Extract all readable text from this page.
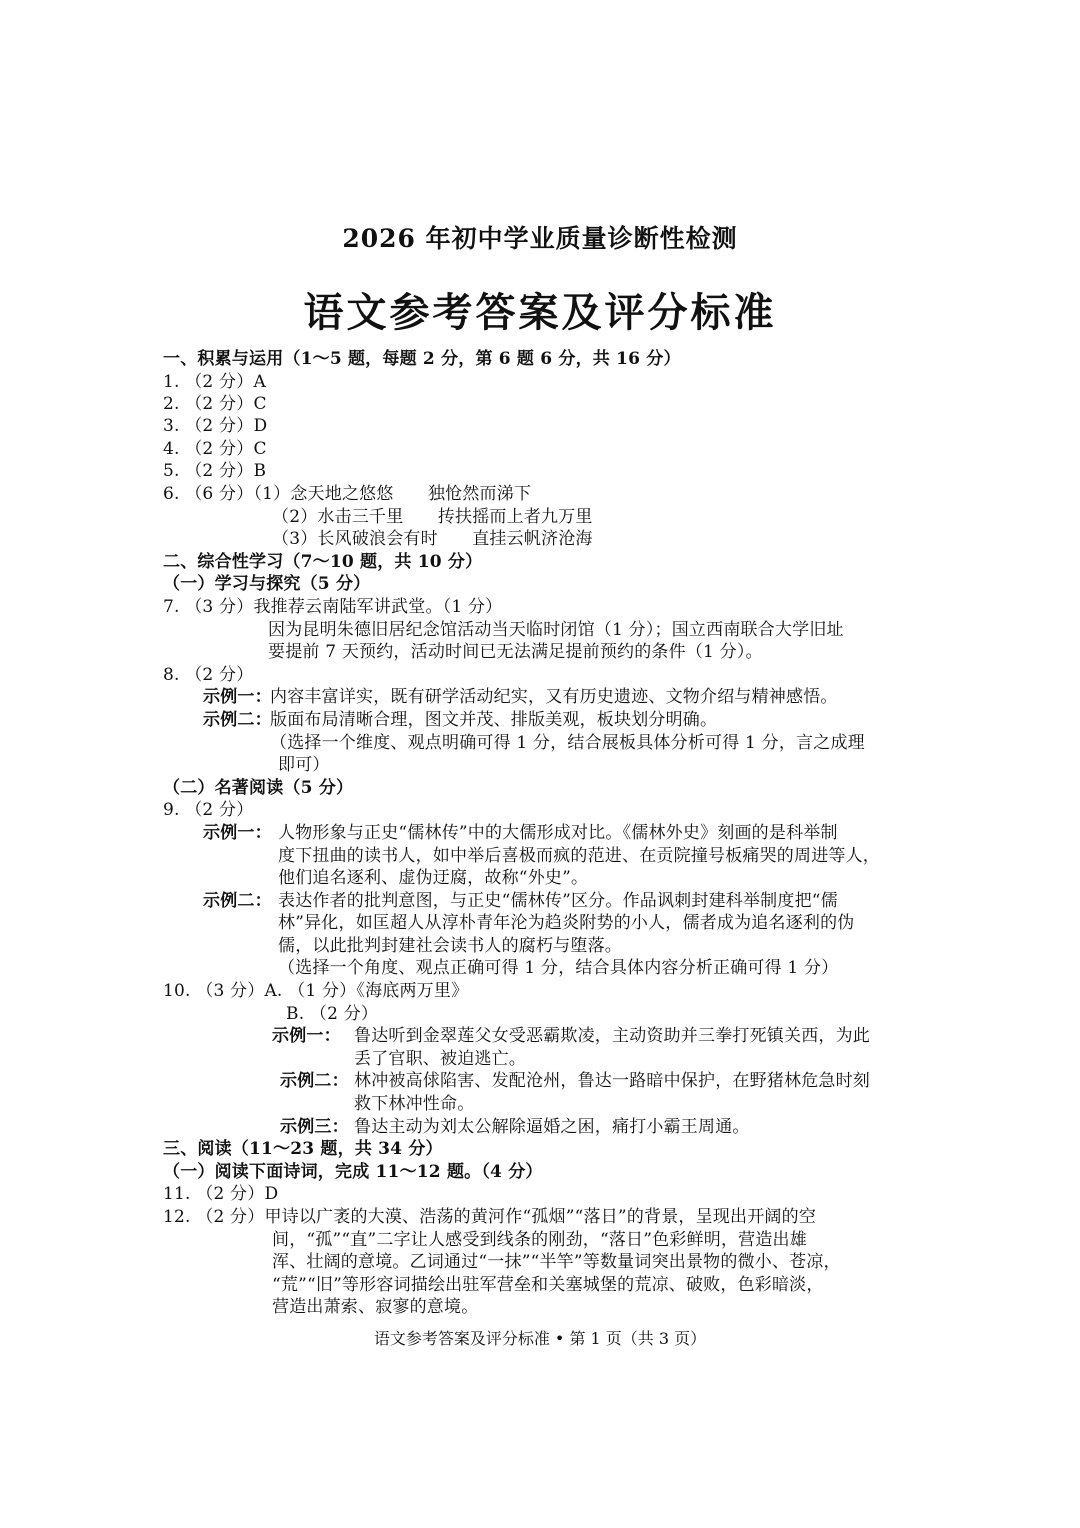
2026 年初中学业质量诊断性检测
语文参考答案及评分标准
一、积累与运用（1～5 题，每题 2 分，第 6 题 6 分，共 16 分）
1. （2 分）A
2. （2 分）C
3. （2 分）D
4. （2 分）C
5. （2 分）B
6. （6 分）（1）念天地之悠悠　　独怆然而涕下
（2）水击三千里　　抟扶摇而上者九万里
（3）长风破浪会有时　　直挂云帆济沧海
二、综合性学习（7～10 题，共 10 分）
（一）学习与探究（5 分）
7. （3 分）我推荐云南陆军讲武堂。（1 分）
因为昆明朱德旧居纪念馆活动当天临时闭馆（1 分）；国立西南联合大学旧址
要提前 7 天预约，活动时间已无法满足提前预约的条件（1 分）。
8. （2 分）
示例一：
内容丰富详实，既有研学活动纪实，又有历史遗迹、文物介绍与精神感悟。
示例二：
版面布局清晰合理，图文并茂、排版美观，板块划分明确。
（选择一个维度、观点明确可得 1 分，结合展板具体分析可得 1 分，言之成理
即可）
（二）名著阅读（5 分）
9. （2 分）
示例一： 人物形象与正史“儒林传”中的大儒形成对比。《儒林外史》刻画的是科举制
度下扭曲的读书人，如中举后喜极而疯的范进、在贡院撞号板痛哭的周进等人，
他们追名逐利、虚伪迂腐，故称“外史”。
示例二： 表达作者的批判意图，与正史“儒林传”区分。作品讽刺封建科举制度把“儒
林”异化，如匡超人从淳朴青年沦为趋炎附势的小人，儒者成为追名逐利的伪
儒，以此批判封建社会读书人的腐朽与堕落。
（选择一个角度、观点正确可得 1 分，结合具体内容分析正确可得 1 分）
10. （3 分）A. （1 分）《海底两万里》
B. （2 分）
示例一： 鲁达听到金翠莲父女受恶霸欺凌，主动资助并三拳打死镇关西，为此
丢了官职、被迫逃亡。
示例二： 林冲被高俅陷害、发配沧州，鲁达一路暗中保护，在野猪林危急时刻
救下林冲性命。
示例三： 鲁达主动为刘太公解除逼婚之困，痛打小霸王周通。
三、阅读（11～23 题，共 34 分）
（一）阅读下面诗词，完成 11～12 题。（4 分）
11. （2 分）D
12. （2 分）甲诗以广袤的大漠、浩荡的黄河作“孤烟”“落日”的背景，呈现出开阔的空
间，“孤”“直”二字让人感受到线条的刚劲，“落日”色彩鲜明，营造出雄
浑、壮阔的意境。乙词通过“一抹”“半竿”等数量词突出景物的微小、苍凉，
“荒”“旧”等形容词描绘出驻军营垒和关塞城堡的荒凉、破败，色彩暗淡，
营造出萧索、寂寥的意境。
语文参考答案及评分标准 • 第 1 页（共 3 页）
